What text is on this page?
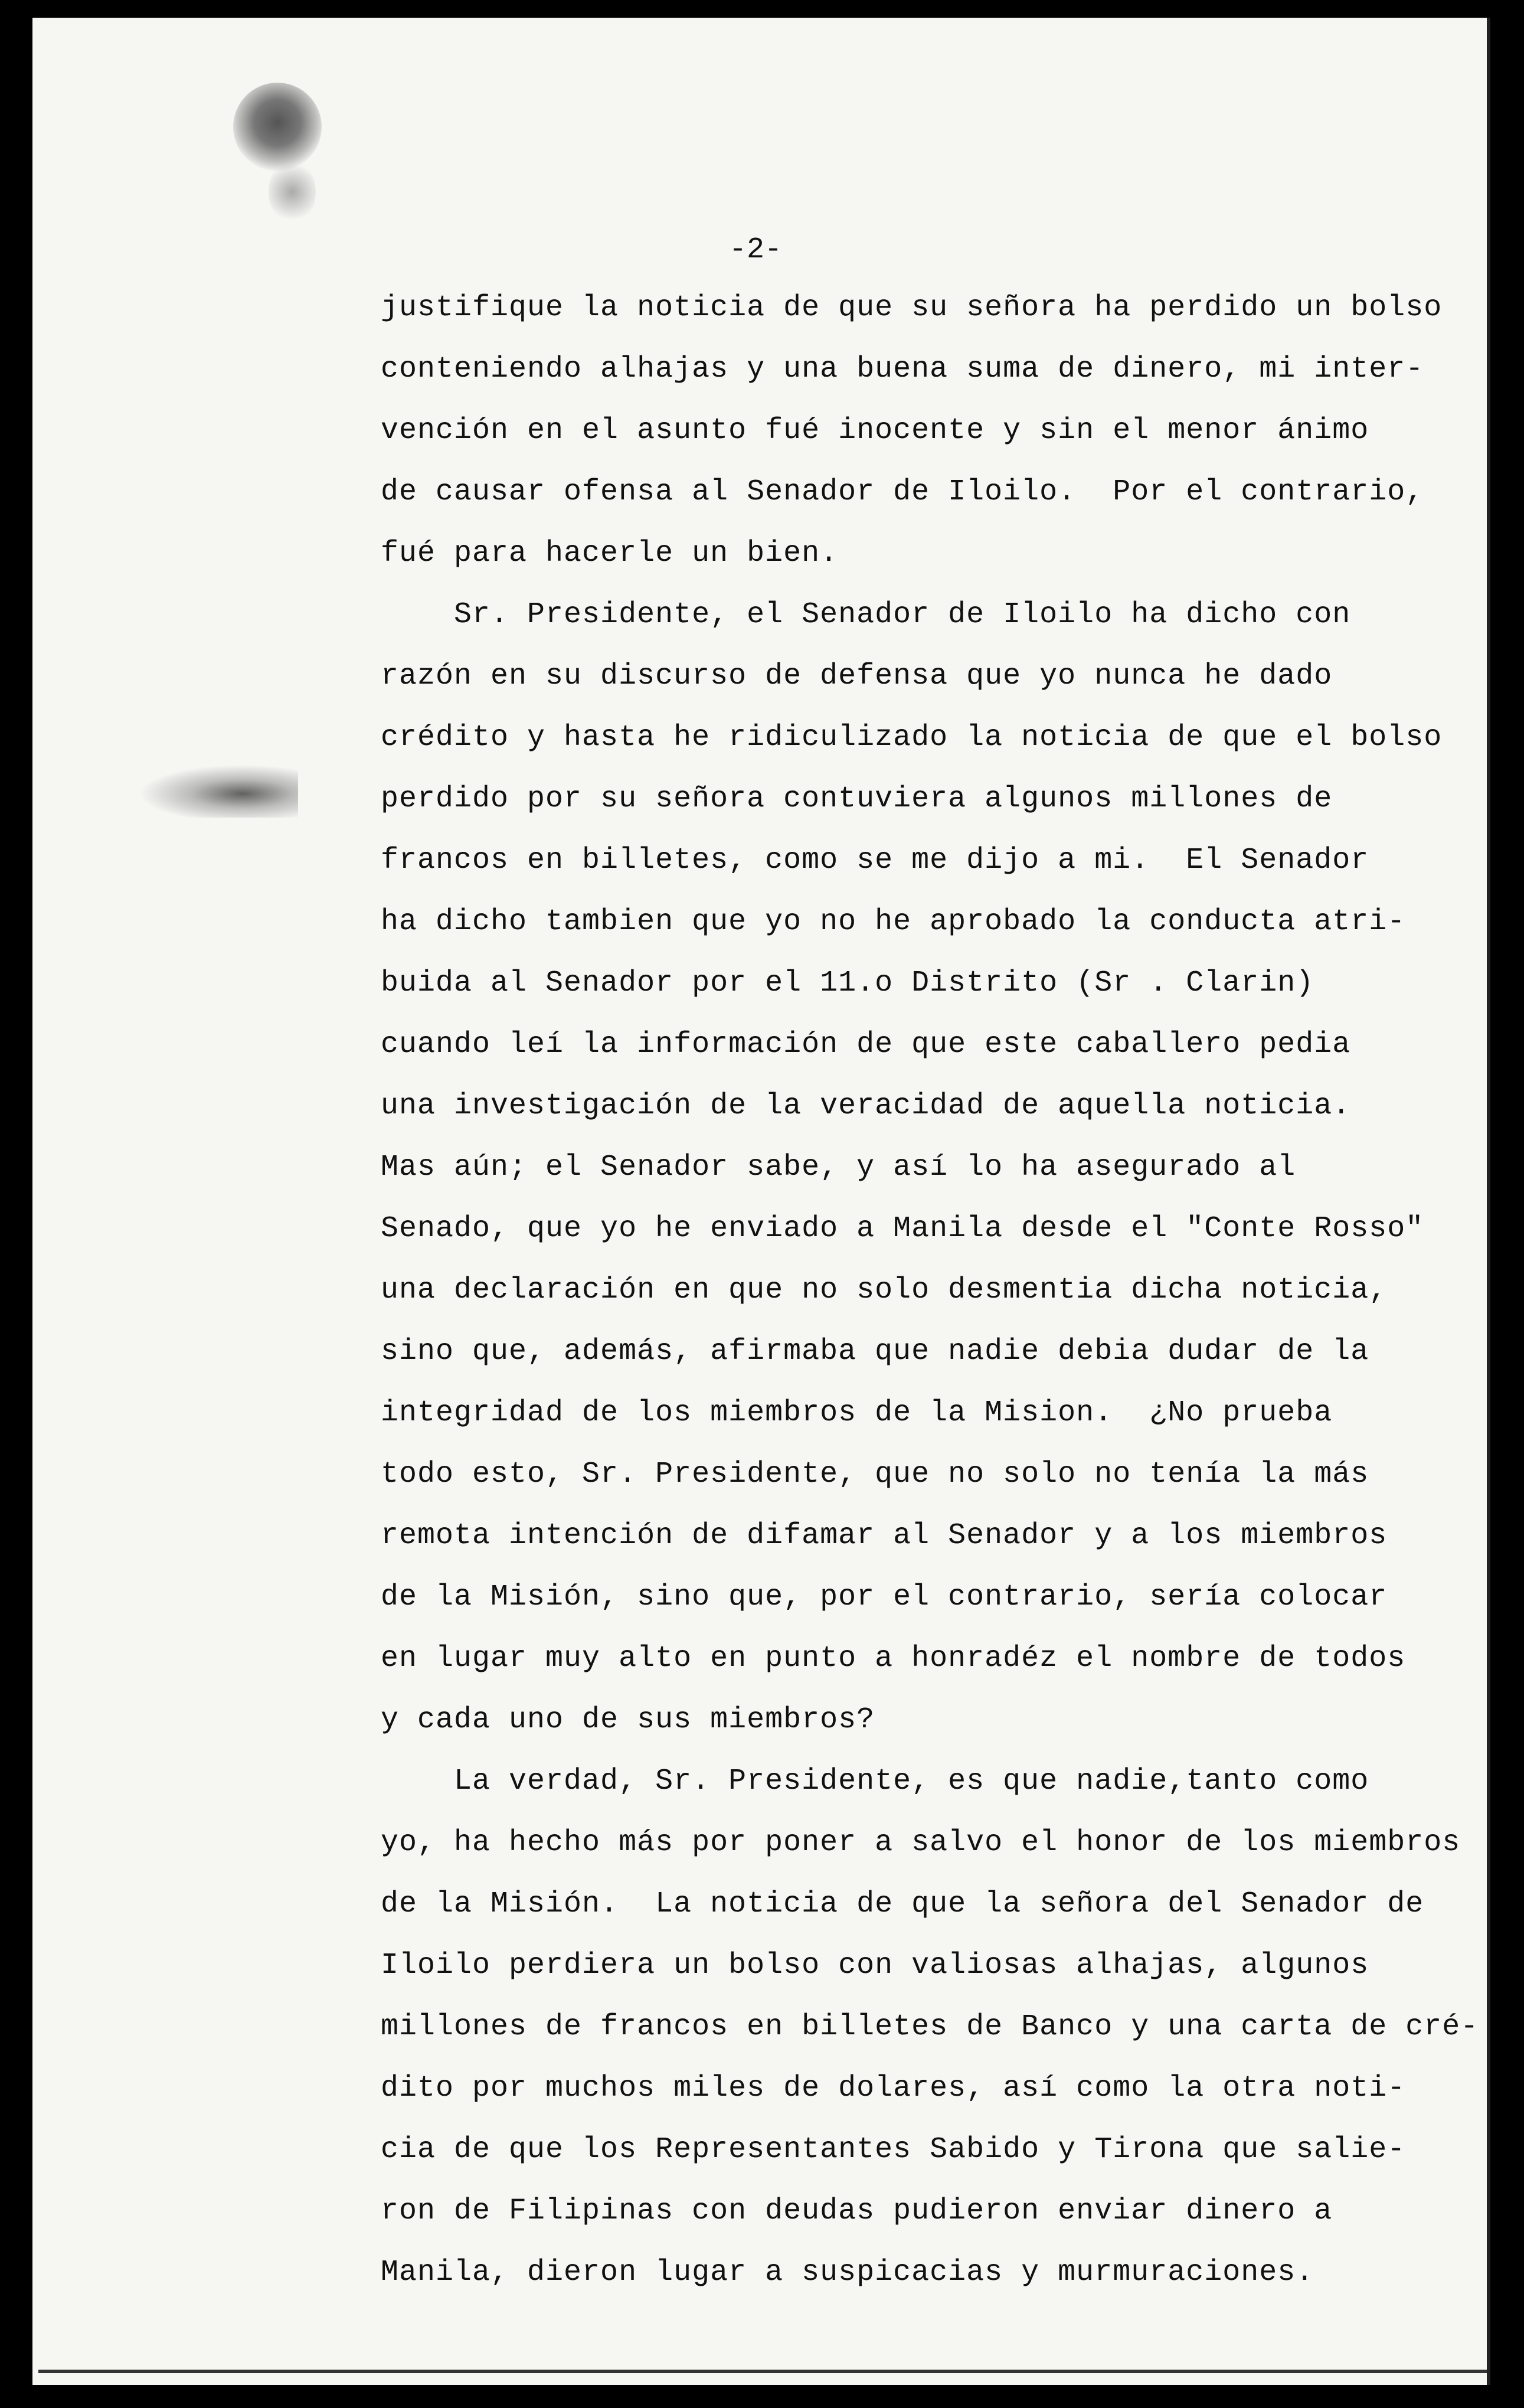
-2-
justifique la noticia de que su señora ha perdido un bolso
conteniendo alhajas y una buena suma de dinero, mi inter-
vención en el asunto fué inocente y sin el menor ánimo
de causar ofensa al Senador de Iloilo.  Por el contrario,
fué para hacerle un bien.
Sr. Presidente, el Senador de Iloilo ha dicho con
razón en su discurso de defensa que yo nunca he dado
crédito y hasta he ridiculizado la noticia de que el bolso
perdido por su señora contuviera algunos millones de
francos en billetes, como se me dijo a mi.  El Senador
ha dicho tambien que yo no he aprobado la conducta atri-
buida al Senador por el 11.o Distrito (Sr . Clarin)
cuando leí la información de que este caballero pedia
una investigación de la veracidad de aquella noticia.
Mas aún; el Senador sabe, y así lo ha asegurado al
Senado, que yo he enviado a Manila desde el "Conte Rosso"
una declaración en que no solo desmentia dicha noticia,
sino que, además, afirmaba que nadie debia dudar de la
integridad de los miembros de la Mision.  ¿No prueba
todo esto, Sr. Presidente, que no solo no tenía la más
remota intención de difamar al Senador y a los miembros
de la Misión, sino que, por el contrario, sería colocar
en lugar muy alto en punto a honradéz el nombre de todos
y cada uno de sus miembros?
La verdad, Sr. Presidente, es que nadie,tanto como
yo, ha hecho más por poner a salvo el honor de los miembros
de la Misión.  La noticia de que la señora del Senador de
Iloilo perdiera un bolso con valiosas alhajas, algunos
millones de francos en billetes de Banco y una carta de cré-
dito por muchos miles de dolares, así como la otra noti-
cia de que los Representantes Sabido y Tirona que salie-
ron de Filipinas con deudas pudieron enviar dinero a
Manila, dieron lugar a suspicacias y murmuraciones.
